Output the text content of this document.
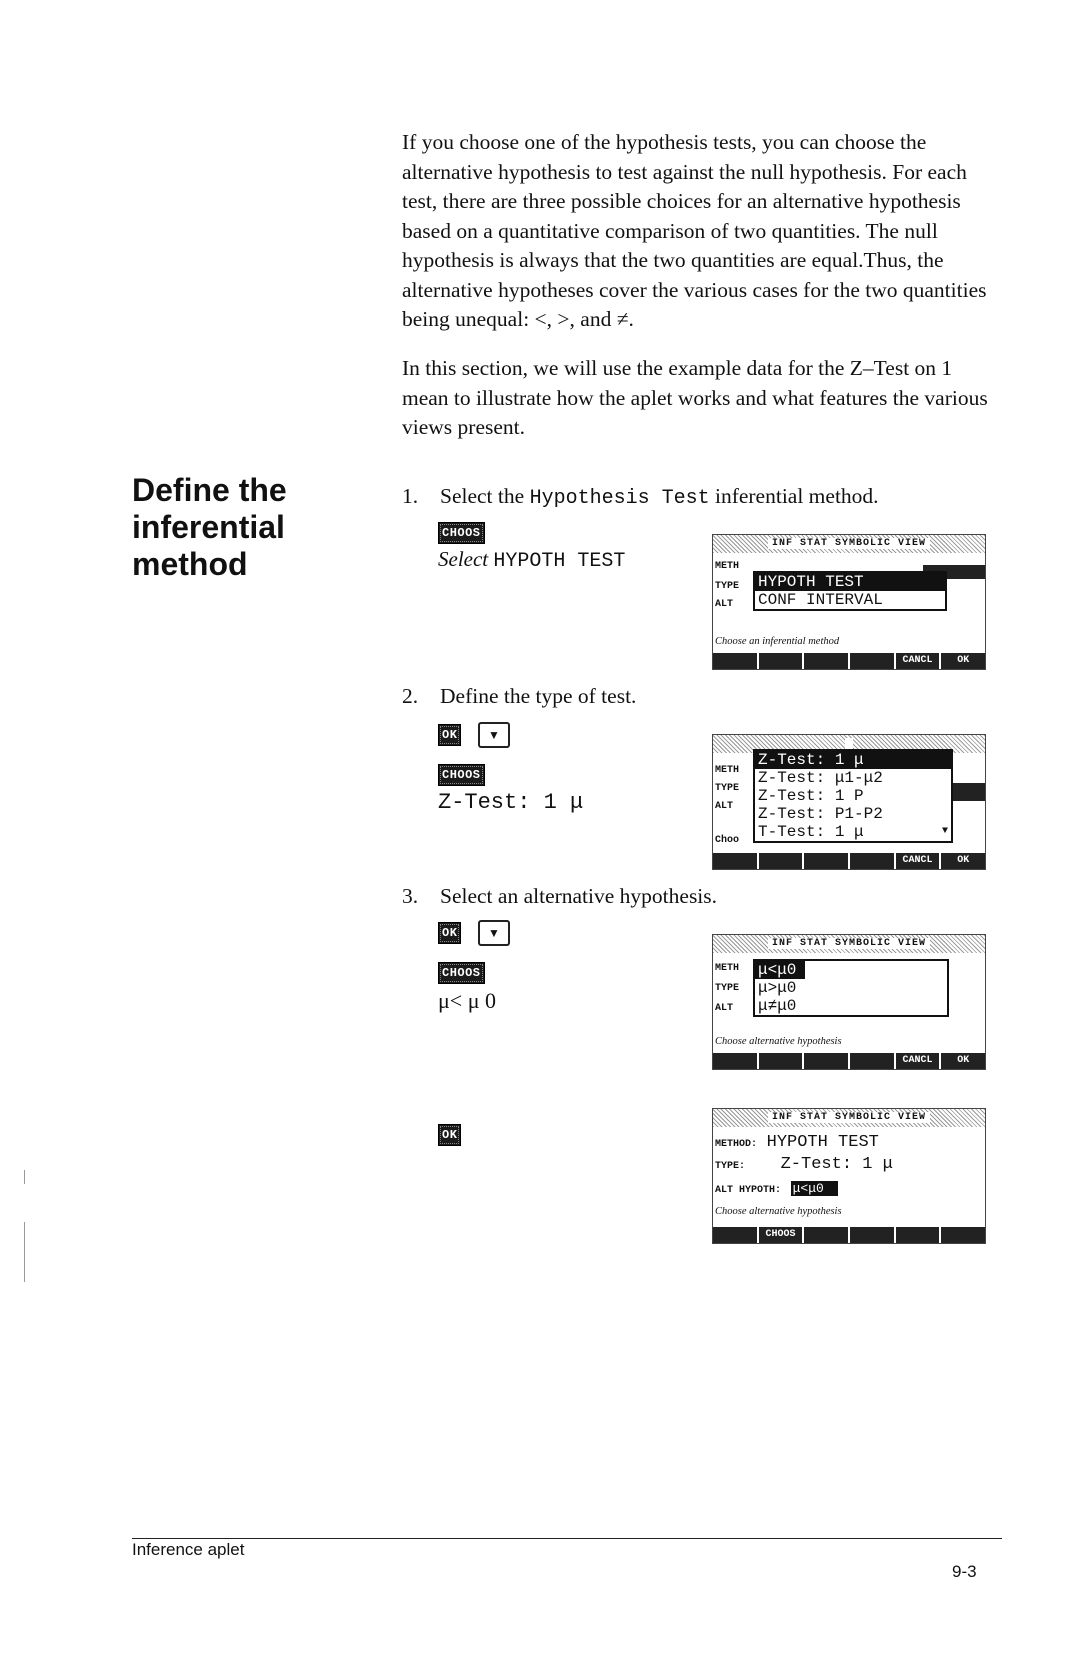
If you choose one of the hypothesis tests, you can choose the alternative hypothesis to test against the null hypothesis. For each test, there are three possible choices for an alternative hypothesis based on a quantitative comparison of two quantities. The null hypothesis is always that the two quantities are equal.Thus, the alternative hypotheses cover the various cases for the two quantities being unequal: <, >, and ≠.

In this section, we will use the example data for the Z–Test on 1 mean to illustrate how the aplet works and what features the various views present.

Define the inferential method
1. Select the Hypothesis Test inferential method.
CHOOS
Select HYPOTH TEST
INF STAT SYMBOLIC VIEW
METH
TYPE
ALT
HYPOTH TEST
CONF INTERVAL
Choose an inferential method
CANCL	OK
2. Define the type of test.
OK	▼
CHOOS
Z-Test: 1 μ
METH
TYPE
ALT
Choo
Z-Test: 1 μ
Z-Test: μ1-μ2
Z-Test: 1 P
Z-Test: P1-P2
T-Test: 1 μ	▼
CANCL	OK
3. Select an alternative hypothesis.
OK	▼
CHOOS
μ< μ 0
INF STAT SYMBOLIC VIEW
METH
TYPE
ALT
μ<μ0
μ>μ0
μ≠μ0
Choose alternative hypothesis
CANCL	OK
OK
INF STAT SYMBOLIC VIEW
METHOD: HYPOTH TEST
TYPE: Z-Test: 1 μ
ALT HYPOTH: μ<μ0
Choose alternative hypothesis
CHOOS
Inference aplet
9-3
